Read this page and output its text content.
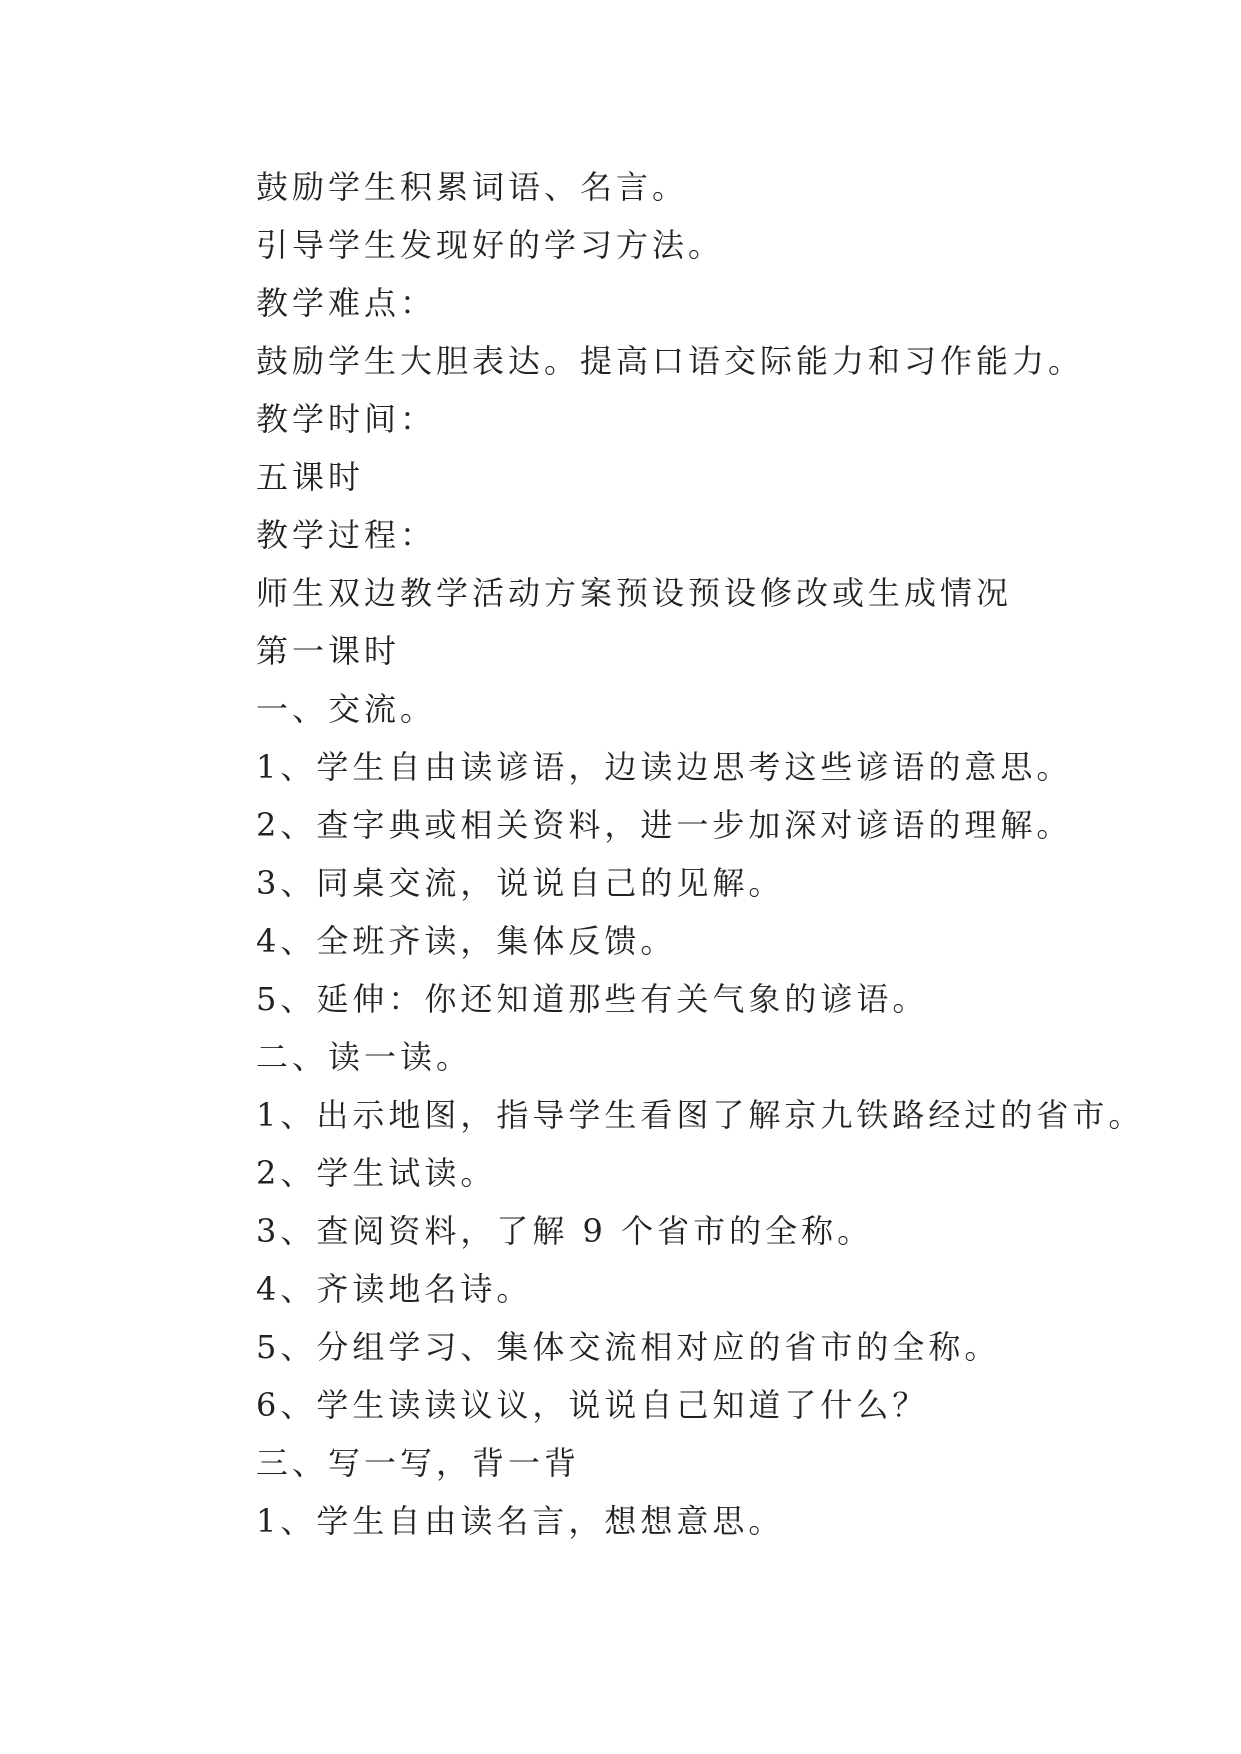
鼓励学生积累词语、名言。

引导学生发现好的学习方法。

教学难点：

鼓励学生大胆表达。提高口语交际能力和习作能力。

教学时间：

五课时

教学过程：

师生双边教学活动方案预设预设修改或生成情况

第一课时

一、交流。

1、学生自由读谚语，边读边思考这些谚语的意思。

2、查字典或相关资料，进一步加深对谚语的理解。

3、同桌交流，说说自己的见解。

4、全班齐读，集体反馈。

5、延伸：你还知道那些有关气象的谚语。

二、读一读。

1、出示地图，指导学生看图了解京九铁路经过的省市。

2、学生试读。

3、查阅资料，了解 9 个省市的全称。

4、齐读地名诗。

5、分组学习、集体交流相对应的省市的全称。

6、学生读读议议，说说自己知道了什么？

三、写一写，背一背

1、学生自由读名言，想想意思。
